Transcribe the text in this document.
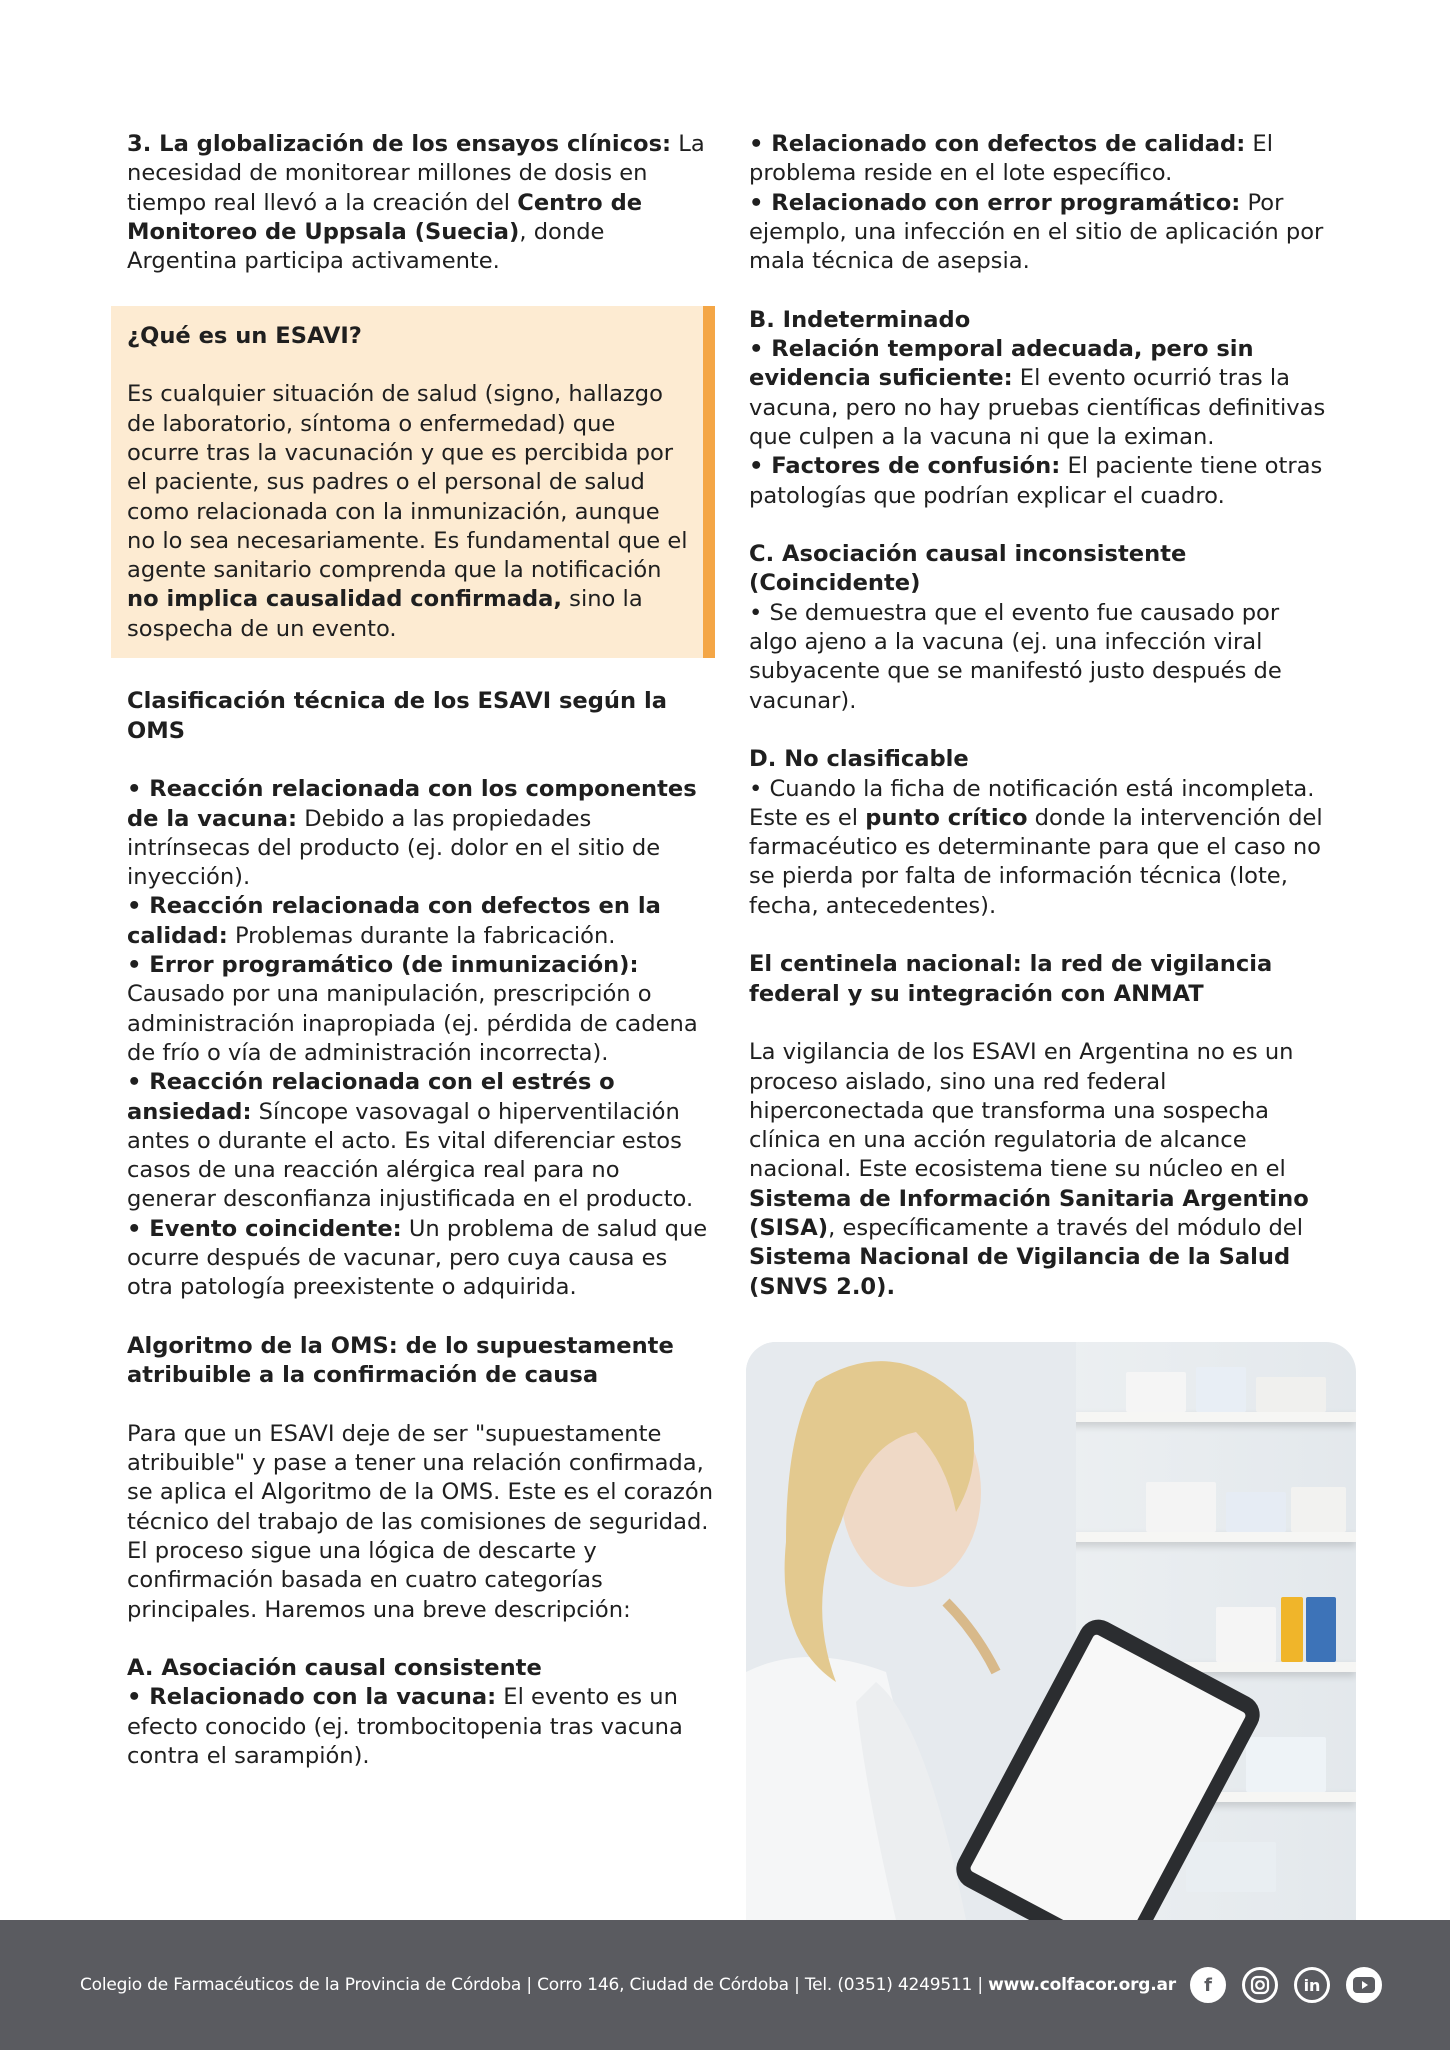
3. La globalización de los ensayos clínicos: La necesidad de monitorear millones de dosis en tiempo real llevó a la creación del Centro de Monitoreo de Uppsala (Suecia), donde Argentina participa activamente.

¿Qué es un ESAVI?
Es cualquier situación de salud (signo, hallazgo de laboratorio, síntoma o enfermedad) que ocurre tras la vacunación y que es percibida por el paciente, sus padres o el personal de salud como relacionada con la inmunización, aunque no lo sea necesariamente. Es fundamental que el agente sanitario comprenda que la notificación no implica causalidad confirmada, sino la sospecha de un evento.
Clasificación técnica de los ESAVI según la OMS

• Reacción relacionada con los componentes de la vacuna: Debido a las propiedades intrínsecas del producto (ej. dolor en el sitio de inyección).
• Reacción relacionada con defectos en la calidad: Problemas durante la fabricación.
• Error programático (de inmunización): Causado por una manipulación, prescripción o administración inapropiada (ej. pérdida de cadena de frío o vía de administración incorrecta).
• Reacción relacionada con el estrés o ansiedad: Síncope vasovagal o hiperventilación antes o durante el acto. Es vital diferenciar estos casos de una reacción alérgica real para no generar desconfianza injustificada en el producto.
• Evento coincidente: Un problema de salud que ocurre después de vacunar, pero cuya causa es otra patología preexistente o adquirida.

Algoritmo de la OMS: de lo supuestamente atribuible a la confirmación de causa

Para que un ESAVI deje de ser "supuestamente atribuible" y pase a tener una relación confirmada, se aplica el Algoritmo de la OMS. Este es el corazón técnico del trabajo de las comisiones de seguridad. El proceso sigue una lógica de descarte y confirmación basada en cuatro categorías principales. Haremos una breve descripción:

A. Asociación causal consistente

• Relacionado con la vacuna: El evento es un efecto conocido (ej. trombocitopenia tras vacuna contra el sarampión).

• Relacionado con defectos de calidad: El problema reside en el lote específico.
• Relacionado con error programático: Por ejemplo, una infección en el sitio de aplicación por mala técnica de asepsia.

B. Indeterminado

• Relación temporal adecuada, pero sin evidencia suficiente: El evento ocurrió tras la vacuna, pero no hay pruebas científicas definitivas que culpen a la vacuna ni que la eximan.
• Factores de confusión: El paciente tiene otras patologías que podrían explicar el cuadro.

C. Asociación causal inconsistente (Coincidente)

• Se demuestra que el evento fue causado por algo ajeno a la vacuna (ej. una infección viral subyacente que se manifestó justo después de vacunar).

D. No clasificable

• Cuando la ficha de notificación está incompleta. Este es el punto crítico donde la intervención del farmacéutico es determinante para que el caso no se pierda por falta de información técnica (lote, fecha, antecedentes).

El centinela nacional: la red de vigilancia federal y su integración con ANMAT

La vigilancia de los ESAVI en Argentina no es un proceso aislado, sino una red federal hiperconectada que transforma una sospecha clínica en una acción regulatoria de alcance nacional. Este ecosistema tiene su núcleo en el Sistema de Información Sanitaria Argentino (SISA), específicamente a través del módulo del Sistema Nacional de Vigilancia de la Salud (SNVS 2.0).

Colegio de Farmacéuticos de la Provincia de Córdoba | Corro 146, Ciudad de Córdoba | Tel. (0351) 4249511 | www.colfacor.org.ar	f	in
